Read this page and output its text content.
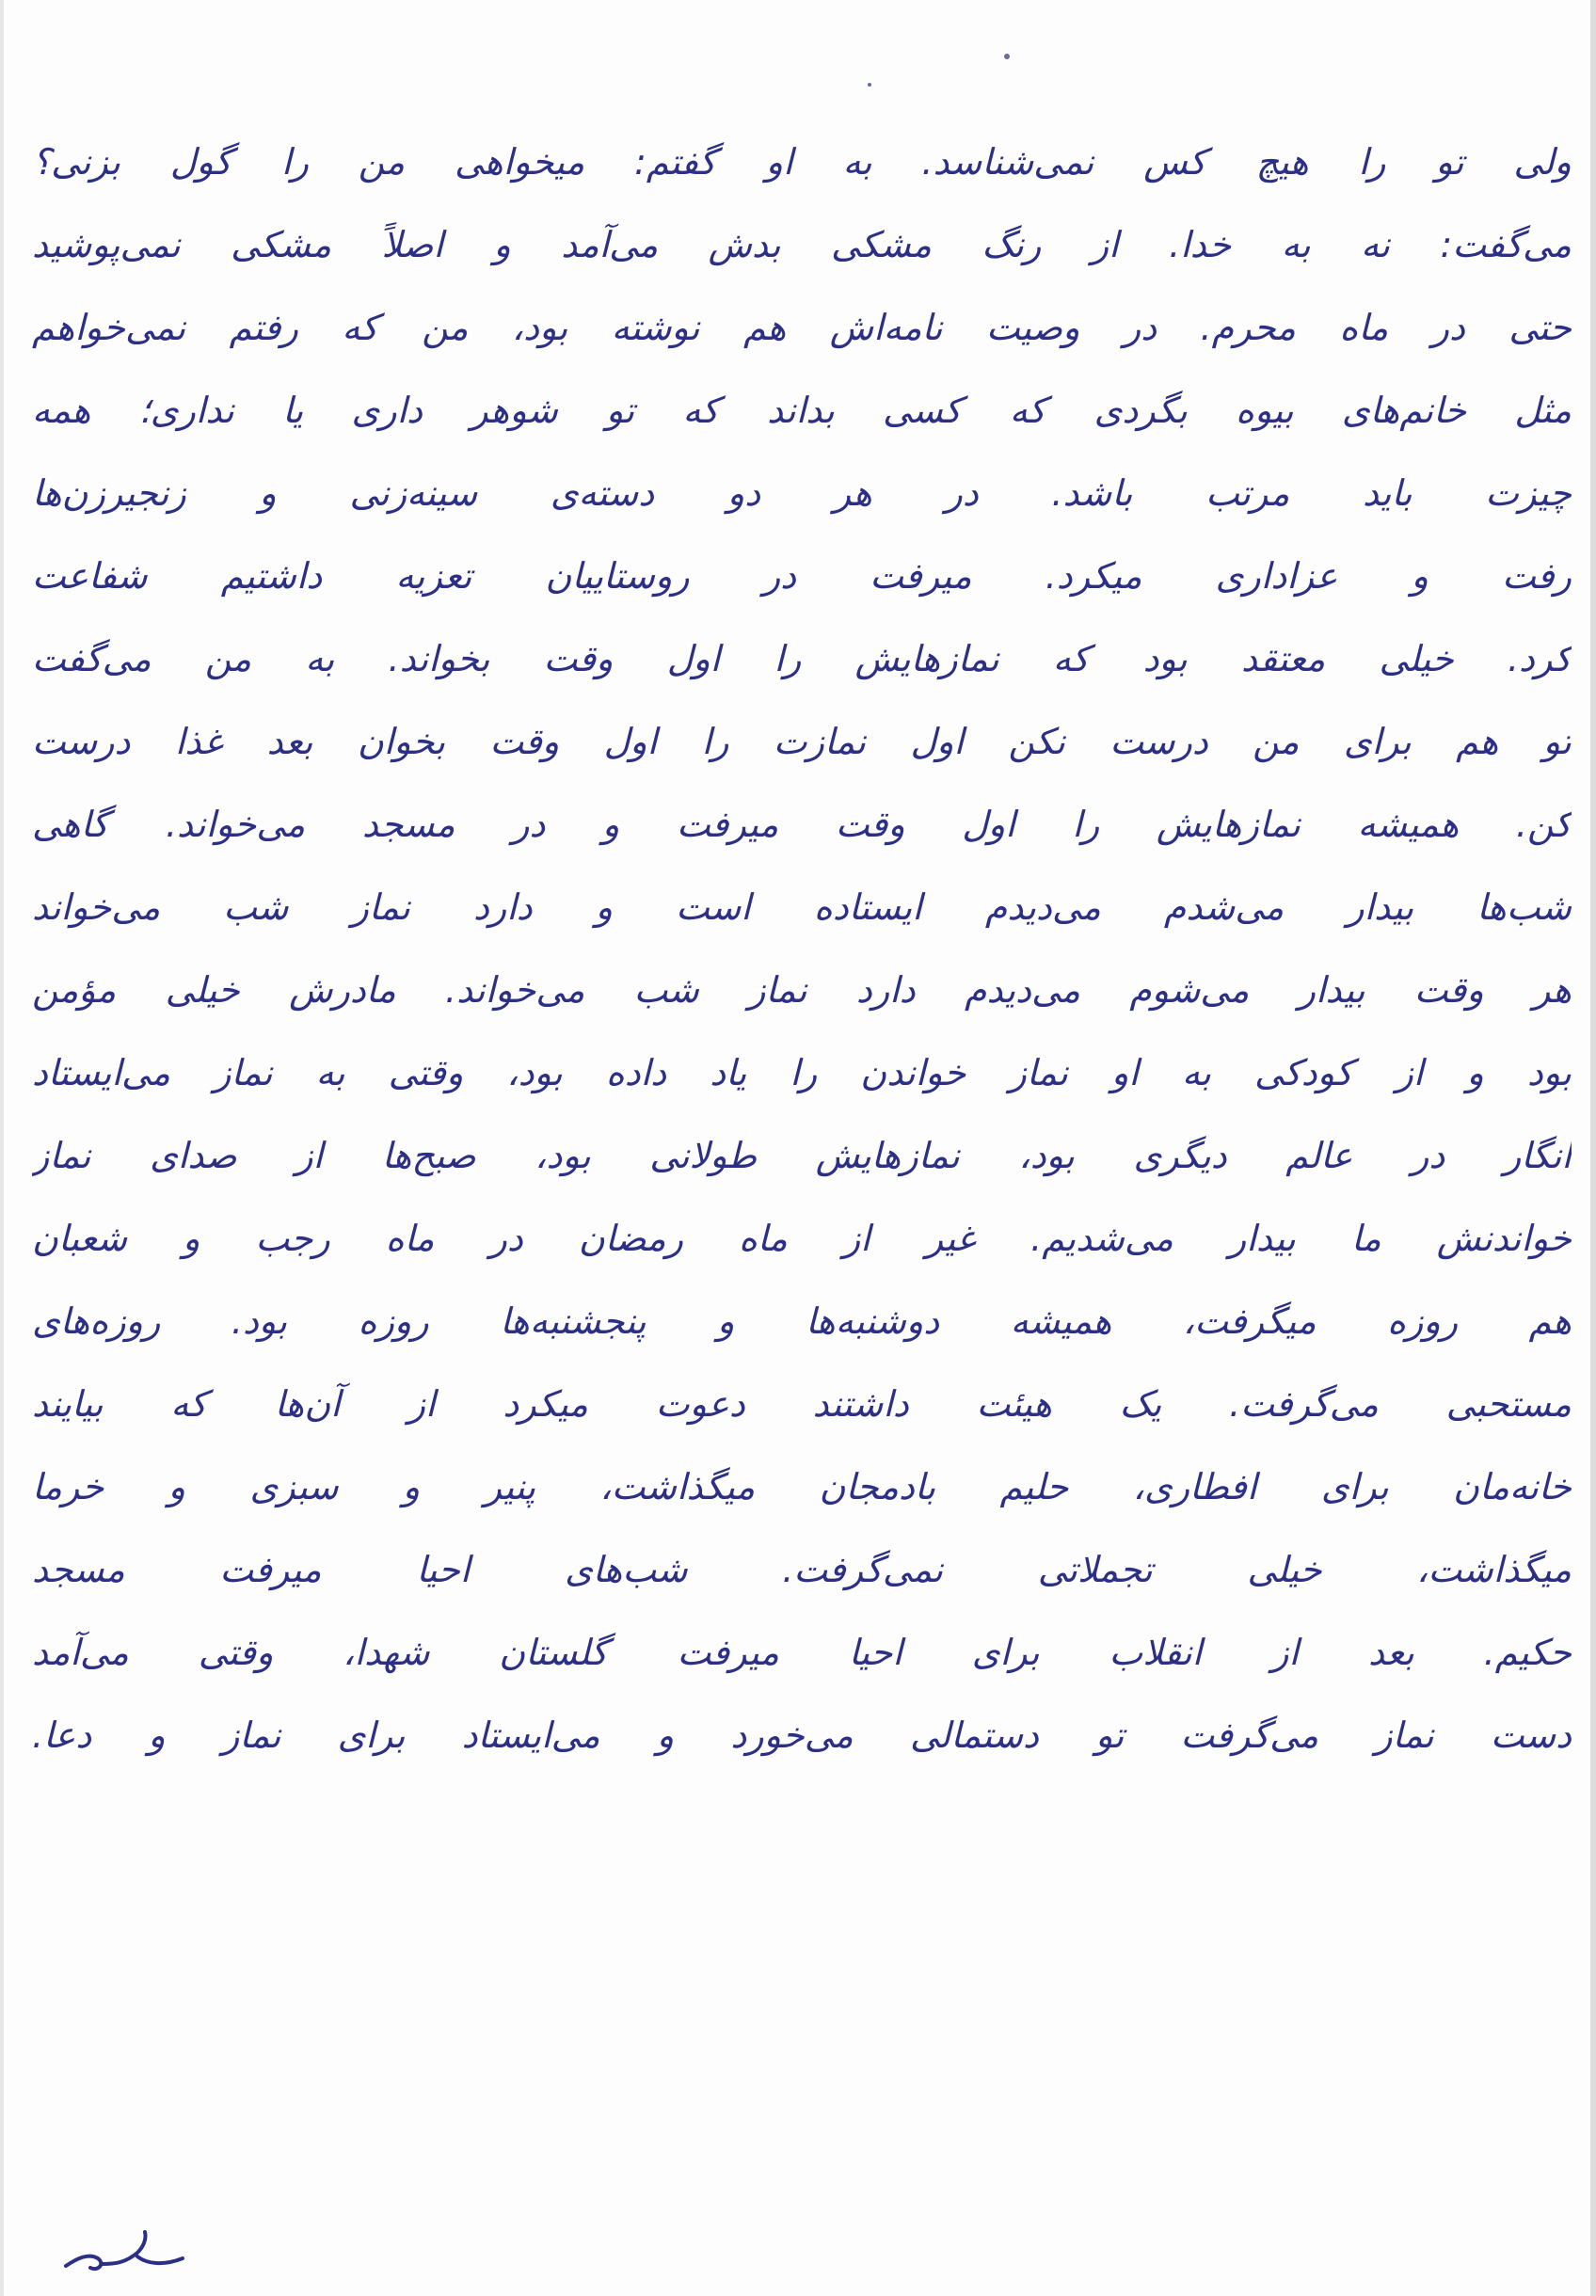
ولی تو را هیچ کس نمی‌شناسد. به او گفتم: میخواهی من را گول بزنی؟
می‌گفت: نه به خدا. از رنگ مشکی بدش می‌آمد و اصلاً مشکی نمی‌پوشید
حتی در ماه محرم. در وصیت نامه‌اش هم نوشته بود، من که رفتم نمی‌خواهم
مثل خانم‌های بیوه بگردی که کسی بداند که تو شوهر داری یا نداری؛ همه
چیزت باید مرتب باشد. در هر دو دسته‌ی سینه‌زنی و زنجیرزن‌ها
رفت و عزاداری میکرد. میرفت در روستاییان تعزیه داشتیم شفاعت
کرد. خیلی معتقد بود که نمازهایش را اول وقت بخواند. به من می‌گفت
تو هم برای من درست نکن اول نمازت را اول وقت بخوان بعد غذا درست
کن. همیشه نمازهایش را اول وقت میرفت و در مسجد می‌خواند. گاهی
شب‌ها بیدار می‌شدم می‌دیدم ایستاده است و دارد نماز شب می‌خواند
هر وقت بیدار می‌شوم می‌دیدم دارد نماز شب می‌خواند. مادرش خیلی مؤمن
بود و از کودکی به او نماز خواندن را یاد داده بود، وقتی به نماز می‌ایستاد
انگار در عالم دیگری بود، نمازهایش طولانی بود، صبح‌ها از صدای نماز
خواندنش ما بیدار می‌شدیم. غیر از ماه رمضان در ماه رجب و شعبان
هم روزه میگرفت، همیشه دوشنبه‌ها و پنجشنبه‌ها روزه بود. روزه‌های
مستحبی می‌گرفت. یک هیئت داشتند دعوت میکرد از آن‌ها که بیایند
خانه‌مان برای افطاری، حلیم بادمجان میگذاشت، پنیر و سبزی و خرما
میگذاشت، خیلی تجملاتی نمی‌گرفت. شب‌های احیا میرفت مسجد
حکیم. بعد از انقلاب برای احیا میرفت گلستان شهدا، وقتی می‌آمد
دست نماز می‌گرفت تو دستمالی می‌خورد و می‌ایستاد برای نماز و دعا.
